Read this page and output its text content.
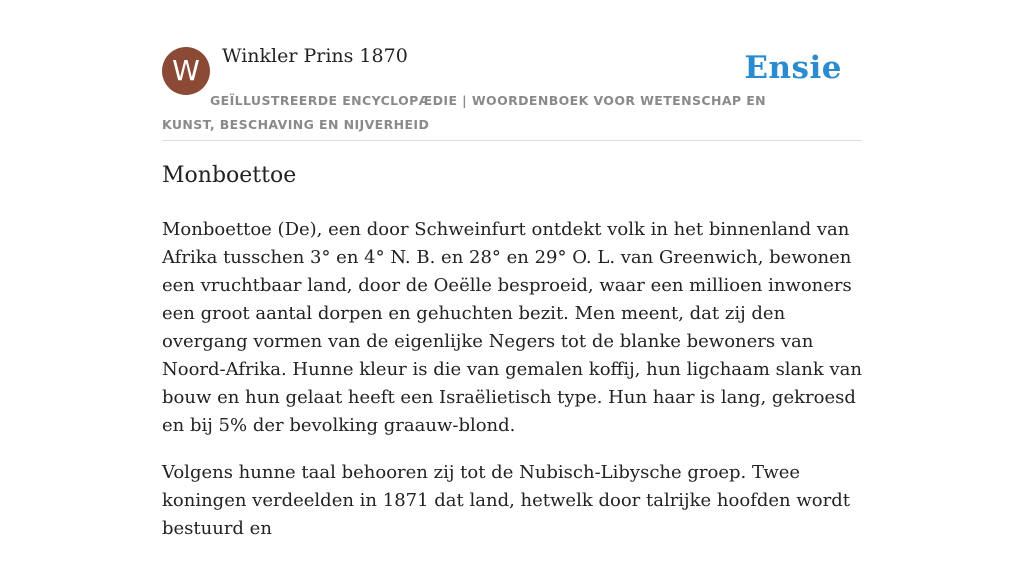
W	Winkler Prins 1870	Ensie
GEÏLLUSTREERDE ENCYCLOPÆDIE | WOORDENBOEK VOOR WETENSCHAP EN KUNST, BESCHAVING EN NIJVERHEID
Monboettoe

Monboettoe (De), een door Schweinfurt ontdekt volk in het binnenland van Afrika tusschen 3° en 4° N. B. en 28° en 29° O. L. van Greenwich, bewonen een vruchtbaar land, door de Oeëlle besproeid, waar een millioen inwoners een groot aantal dorpen en gehuchten bezit. Men meent, dat zij den overgang vormen van de eigenlijke Negers tot de blanke bewoners van Noord-Afrika. Hunne kleur is die van gemalen koffij, hun ligchaam slank van bouw en hun gelaat heeft een Israëlietisch type. Hun haar is lang, gekroesd en bij 5% der bevolking graauw-blond.

Volgens hunne taal behooren zij tot de Nubisch-Libysche groep. Twee koningen verdeelden in 1871 dat land, hetwelk door talrijke hoofden wordt bestuurd en
